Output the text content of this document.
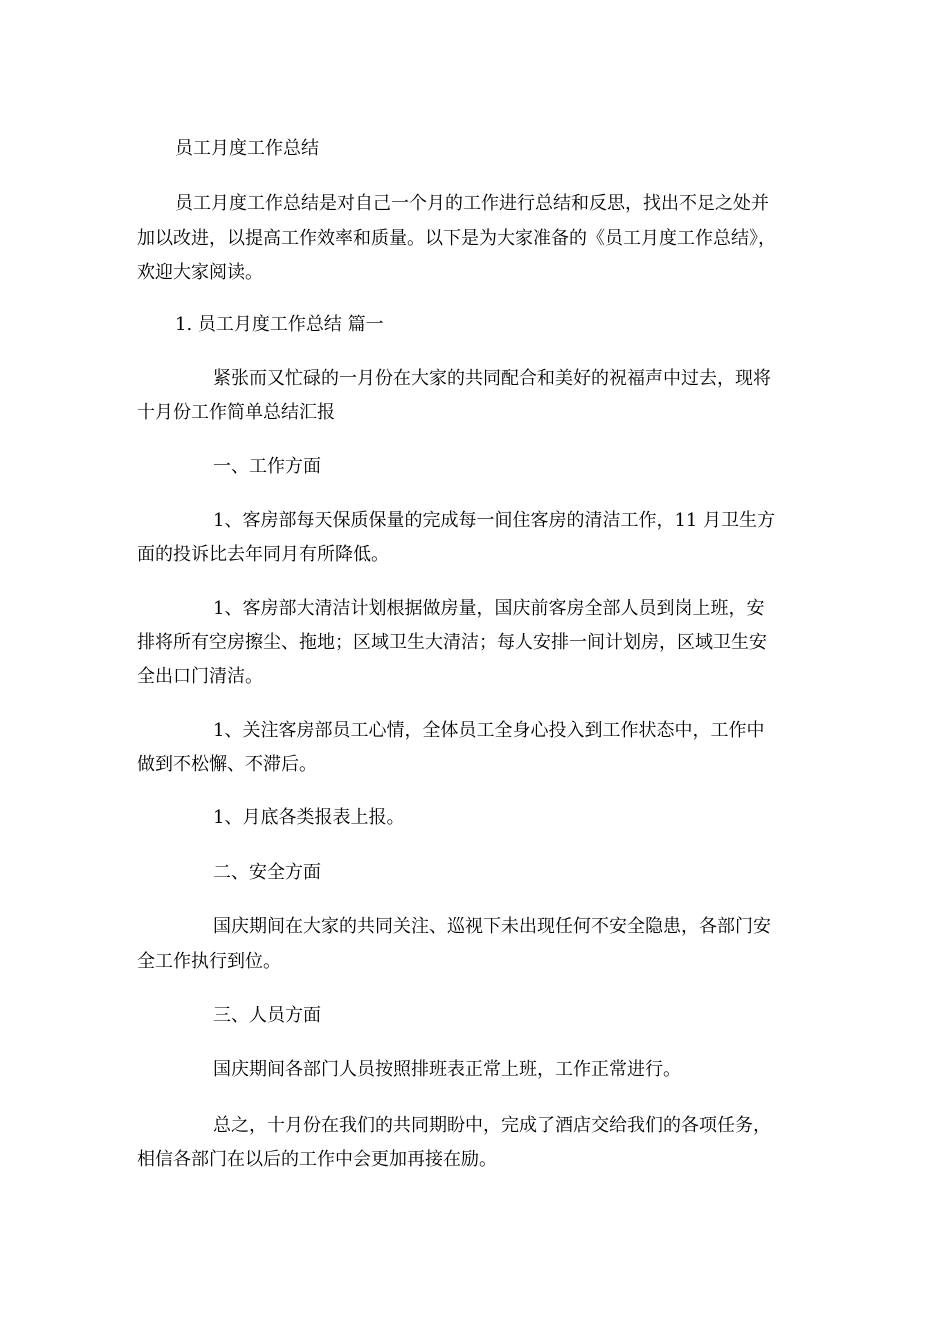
员工月度工作总结

员工月度工作总结是对自己一个月的工作进行总结和反思，找出不足之处并

加以改进，以提高工作效率和质量。以下是为大家准备的《员工月度工作总结》，

欢迎大家阅读。

1. 员工月度工作总结 篇一

紧张而又忙碌的一月份在大家的共同配合和美好的祝福声中过去，现将

十月份工作简单总结汇报

一、工作方面

1、客房部每天保质保量的完成每一间住客房的清洁工作，11 月卫生方

面的投诉比去年同月有所降低。

1、客房部大清洁计划根据做房量，国庆前客房全部人员到岗上班，安

排将所有空房擦尘、拖地；区域卫生大清洁；每人安排一间计划房，区域卫生安

全出口门清洁。

1、关注客房部员工心情，全体员工全身心投入到工作状态中，工作中

做到不松懈、不滞后。

1、月底各类报表上报。

二、安全方面

国庆期间在大家的共同关注、巡视下未出现任何不安全隐患，各部门安

全工作执行到位。

三、人员方面

国庆期间各部门人员按照排班表正常上班，工作正常进行。

总之，十月份在我们的共同期盼中，完成了酒店交给我们的各项任务，

相信各部门在以后的工作中会更加再接在励。
